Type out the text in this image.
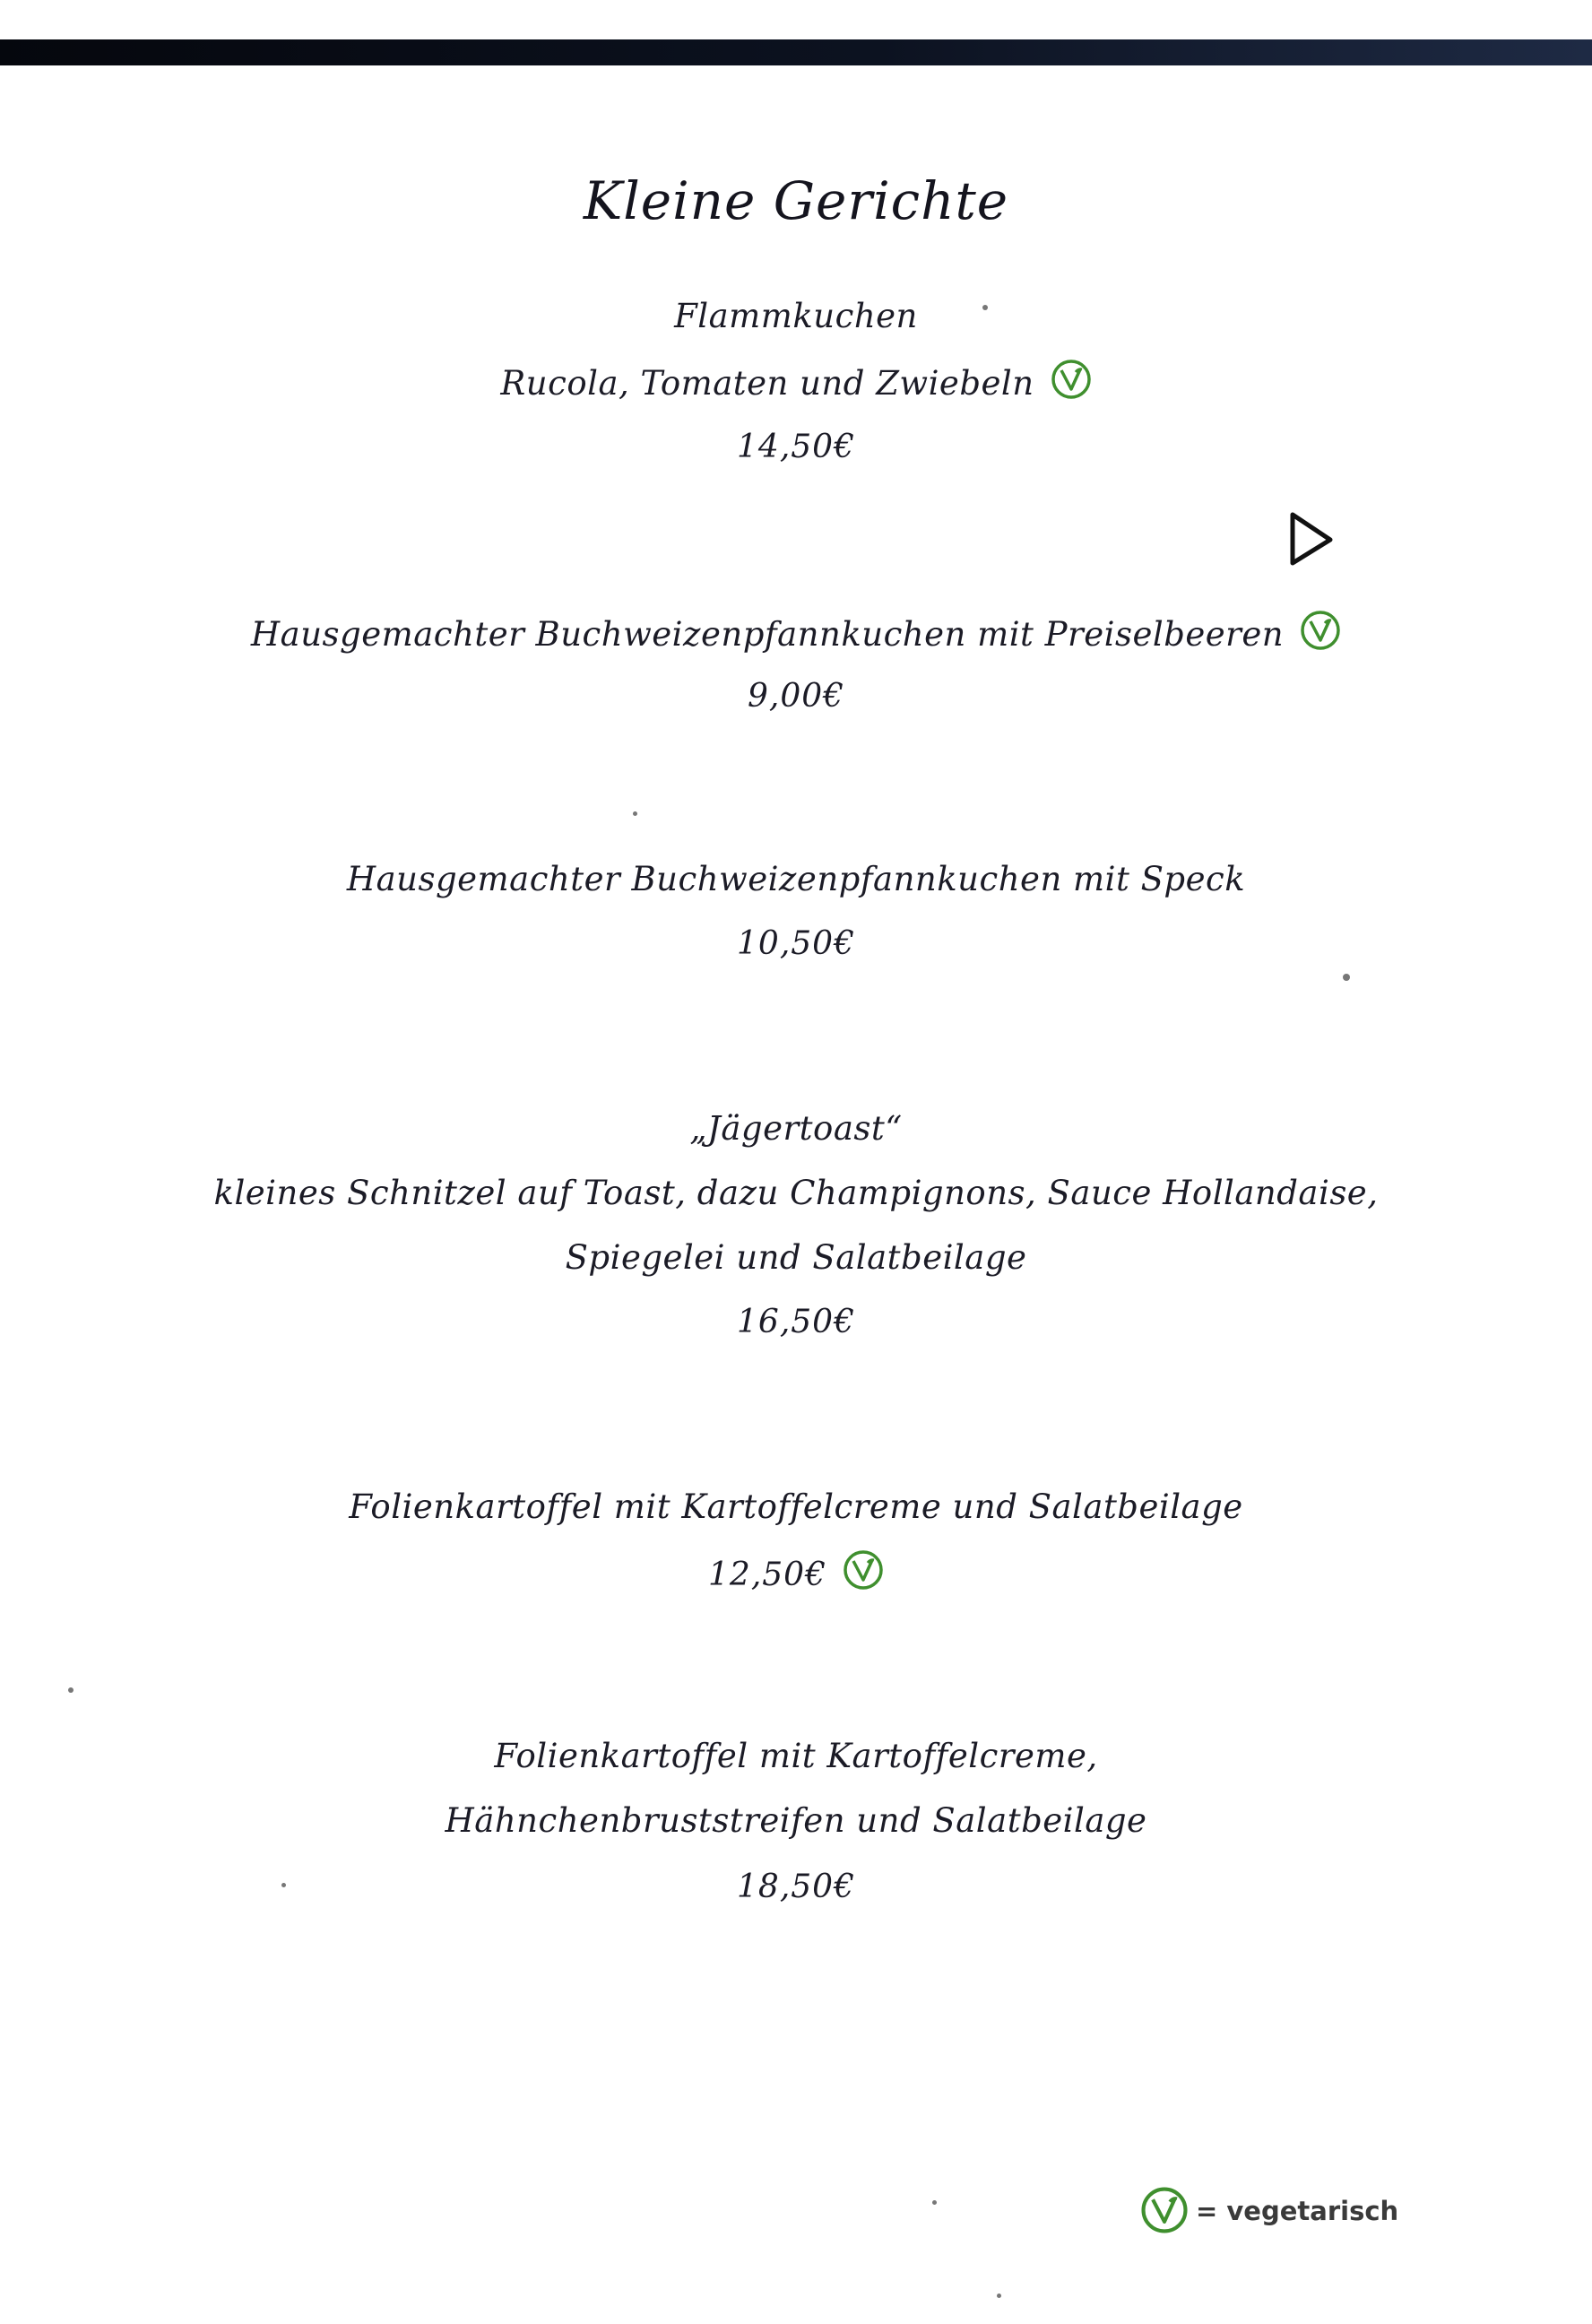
Kleine Gerichte
Flammkuchen
Rucola, Tomaten und Zwiebeln
14,50€
Hausgemachter Buchweizenpfannkuchen mit Preiselbeeren
9,00€
Hausgemachter Buchweizenpfannkuchen mit Speck
10,50€
„Jägertoast“
kleines Schnitzel auf Toast, dazu Champignons, Sauce Hollandaise,
Spiegelei und Salatbeilage
16,50€
Folienkartoffel mit Kartoffelcreme und Salatbeilage
12,50€
Folienkartoffel mit Kartoffelcreme,
Hähnchenbruststreifen und Salatbeilage
18,50€
= vegetarisch
